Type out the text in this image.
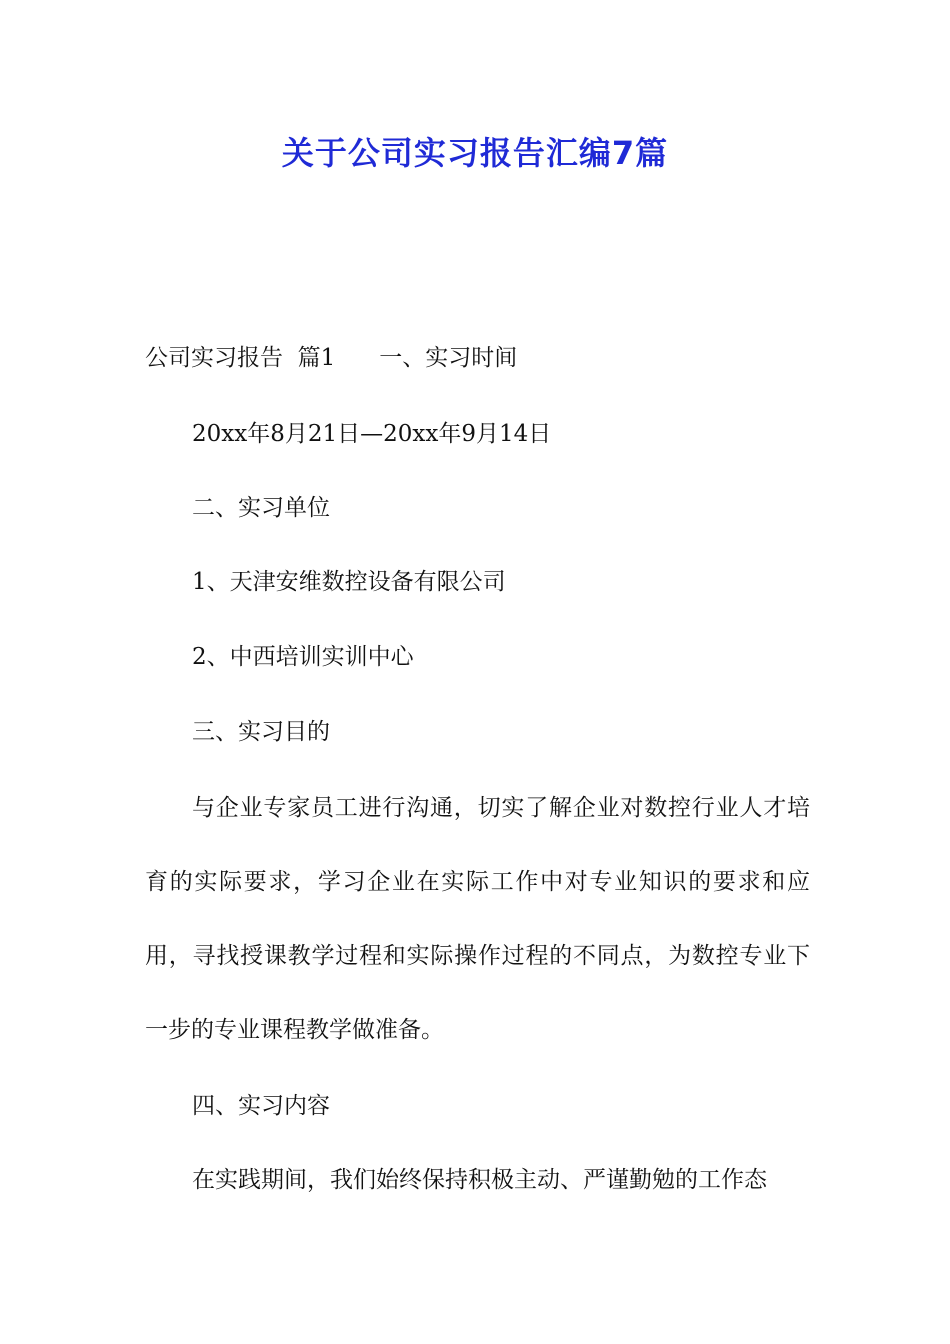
关于公司实习报告汇编7篇
公司实习报告  篇1 一、实习时间
20xx年8月21日—20xx年9月14日
二、实习单位
1、天津安维数控设备有限公司
2、中西培训实训中心
三、实习目的
与企业专家员工进行沟通，切实了解企业对数控行业人才培育的实际要求，学习企业在实际工作中对专业知识的要求和应用，寻找授课教学过程和实际操作过程的不同点，为数控专业下一步的专业课程教学做准备。
四、实习内容
在实践期间，我们始终保持积极主动、严谨勤勉的工作态
